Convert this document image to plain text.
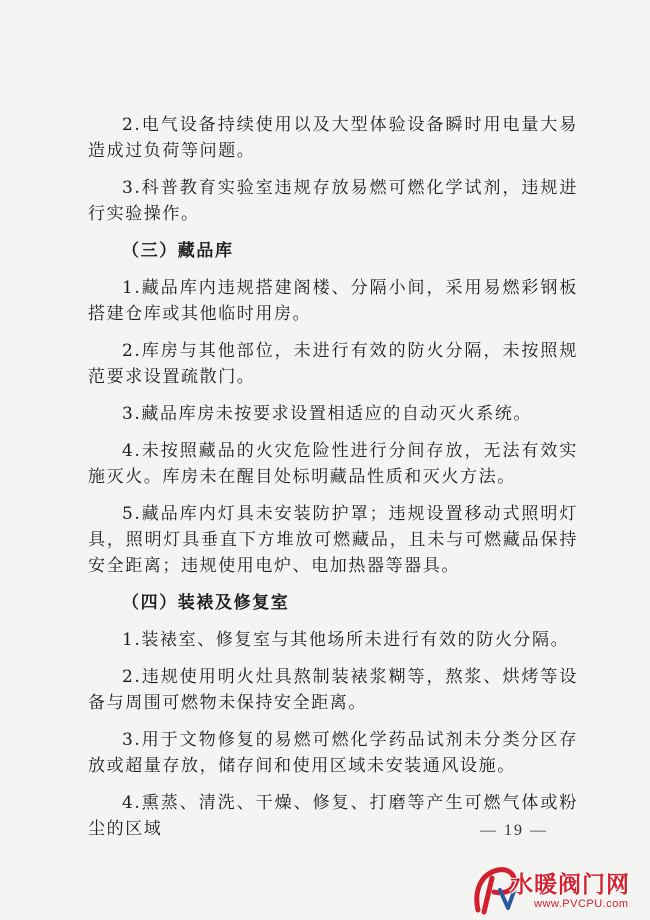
2.电气设备持续使用以及大型体验设备瞬时用电量大易造成过负荷等问题。

3.科普教育实验室违规存放易燃可燃化学试剂，违规进行实验操作。

（三）藏品库

1.藏品库内违规搭建阁楼、分隔小间，采用易燃彩钢板搭建仓库或其他临时用房。

2.库房与其他部位，未进行有效的防火分隔，未按照规范要求设置疏散门。

3.藏品库房未按要求设置相适应的自动灭火系统。

4.未按照藏品的火灾危险性进行分间存放，无法有效实施灭火。库房未在醒目处标明藏品性质和灭火方法。

5.藏品库内灯具未安装防护罩；违规设置移动式照明灯具，照明灯具垂直下方堆放可燃藏品，且未与可燃藏品保持安全距离；违规使用电炉、电加热器等器具。

（四）装裱及修复室

1.装裱室、修复室与其他场所未进行有效的防火分隔。

2.违规使用明火灶具熬制装裱浆糊等，熬浆、烘烤等设备与周围可燃物未保持安全距离。

3.用于文物修复的易燃可燃化学药品试剂未分类分区存放或超量存放，储存间和使用区域未安装通风设施。

4.熏蒸、清洗、干燥、修复、打磨等产生可燃气体或粉尘的区域	— 19 —
水暖阀门网
www.PVCPU.com
